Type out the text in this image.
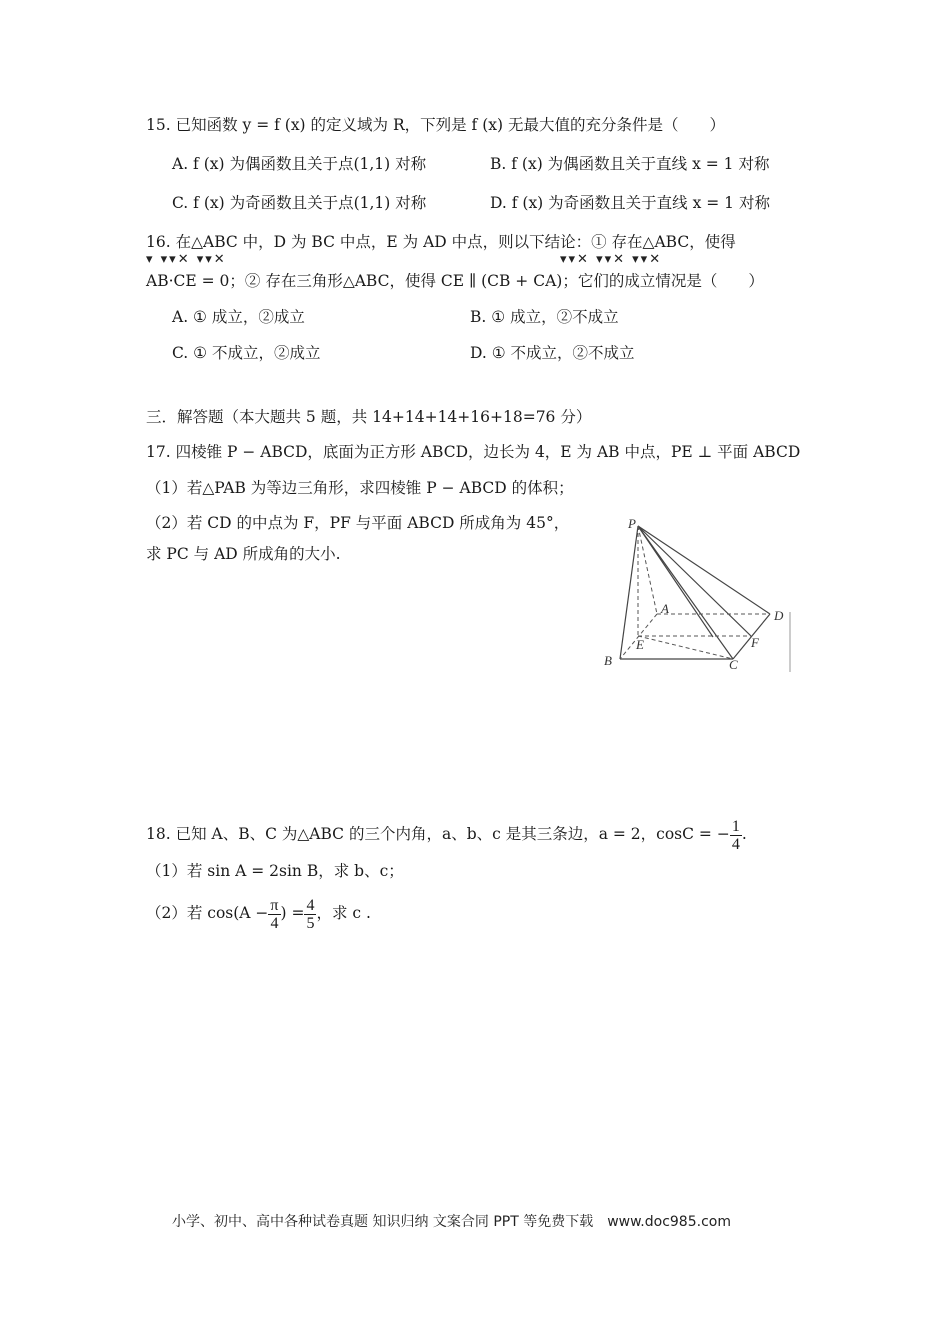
15. 已知函数 y = f (x) 的定义域为 R，下列是 f (x) 无最大值的充分条件是（　　）
A. f (x) 为偶函数且关于点(1,1) 对称	B. f (x) 为偶函数且关于直线 x = 1 对称
C. f (x) 为奇函数且关于点(1,1) 对称	D. f (x) 为奇函数且关于直线 x = 1 对称
16. 在△ABC 中，D 为 BC 中点，E 为 AD 中点，则以下结论：① 存在△ABC，使得
▾ ▾▾✕ ▾▾✕	▾▾✕ ▾▾✕ ▾▾✕
AB·CE = 0；② 存在三角形△ABC，使得 CE ∥ (CB + CA)；它们的成立情况是（　　）
A. ① 成立，②成立	B. ① 成立，②不成立
C. ① 不成立，②成立	D. ① 不成立，②不成立
三．解答题（本大题共 5 题，共 14+14+14+16+18=76 分）
17. 四棱锥 P − ABCD，底面为正方形 ABCD，边长为 4，E 为 AB 中点，PE ⊥ 平面 ABCD
（1）若△PAB 为等边三角形，求四棱锥 P − ABCD 的体积；
（2）若 CD 的中点为 F，PF 与平面 ABCD 所成角为 45°，
求 PC 与 AD 所成角的大小.
P
A
B	C
D
E	F
18. 已知 A、B、C 为△ABC 的三个内角，a、b、c 是其三条边，a = 2，cosC = − $\frac{1}{4}$ .
（1）若 sin A = 2sin B，求 b、c；
（2）若 $\cos(A - \frac{\pi}{4}$ ) = $\frac{4}{5}$ ，求 c .
小学、初中、高中各种试卷真题 知识归纳 文案合同 PPT 等免费下载　www.doc985.com
